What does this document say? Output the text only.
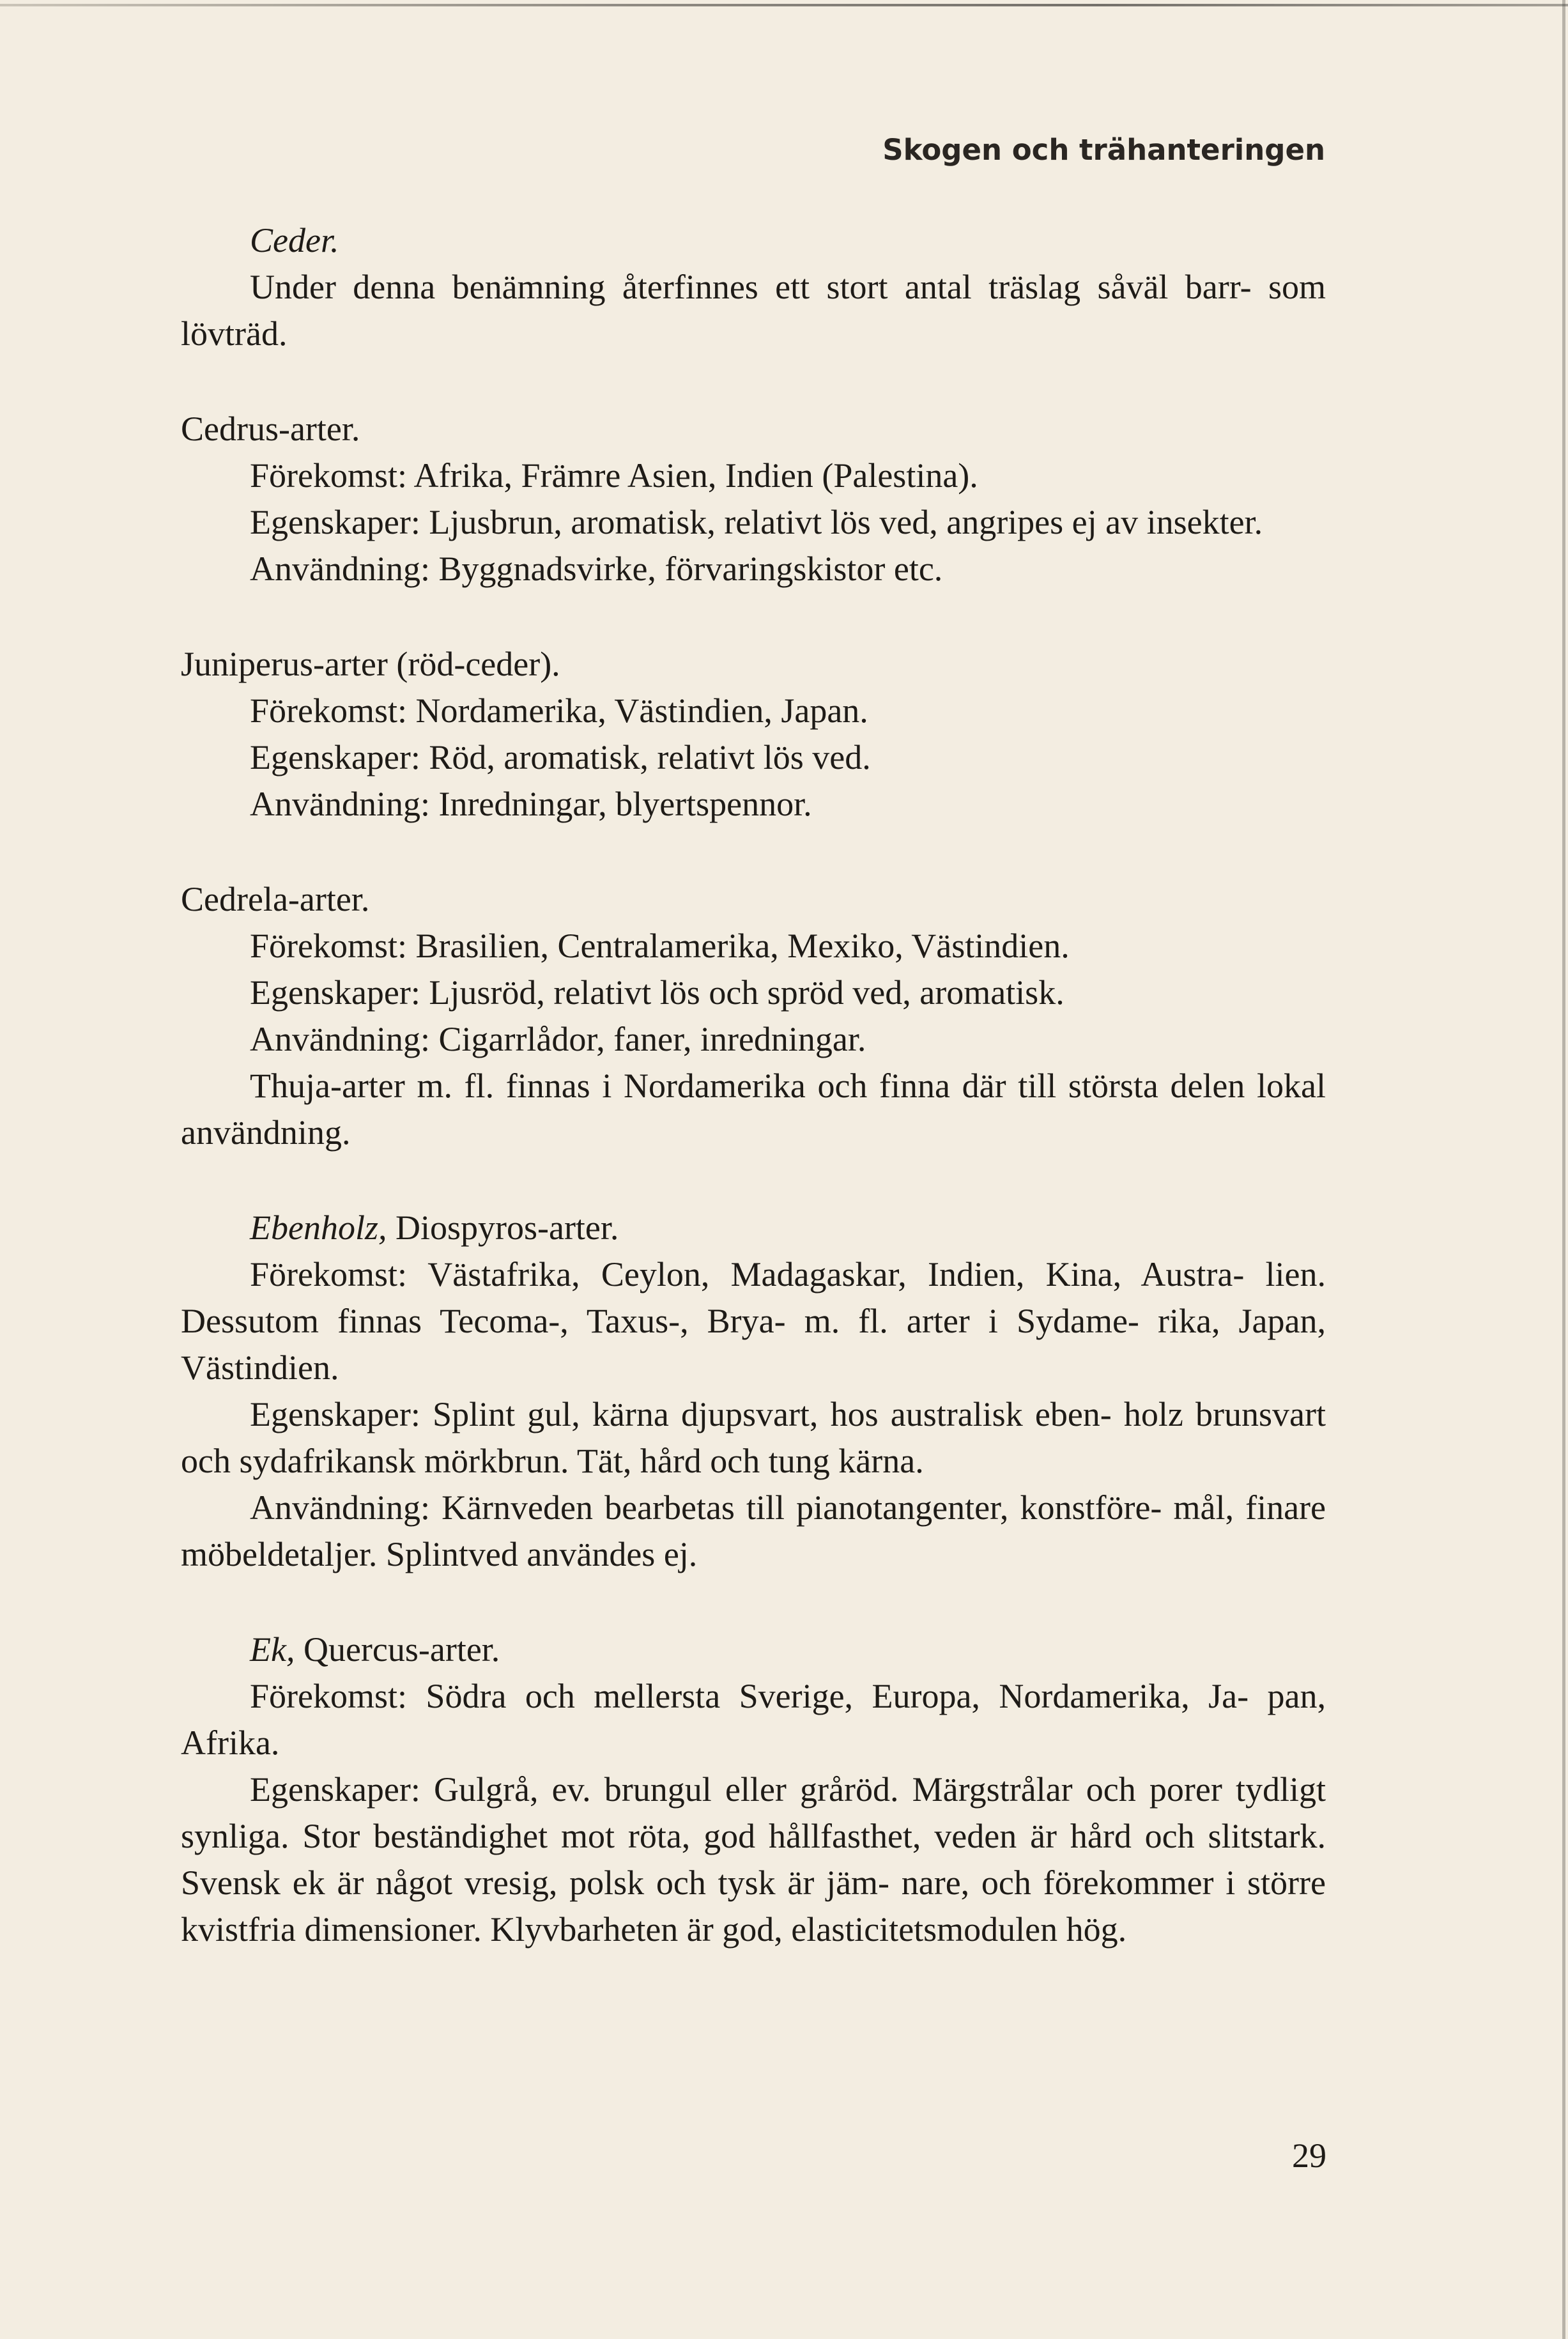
Skogen och trähanteringen

Ceder.

Under denna benämning återfinnes ett stort antal träslag såväl barr- som lövträd.

Cedrus-arter.

Förekomst: Afrika, Främre Asien, Indien (Palestina).

Egenskaper: Ljusbrun, aromatisk, relativt lös ved, angripes ej av insekter.

Användning: Byggnadsvirke, förvaringskistor etc.

Juniperus-arter (röd-ceder).

Förekomst: Nordamerika, Västindien, Japan.

Egenskaper: Röd, aromatisk, relativt lös ved.

Användning: Inredningar, blyertspennor.

Cedrela-arter.

Förekomst: Brasilien, Centralamerika, Mexiko, Västindien.

Egenskaper: Ljusröd, relativt lös och spröd ved, aromatisk.

Användning: Cigarrlådor, faner, inredningar.

Thuja-arter m. fl. finnas i Nordamerika och finna där till största delen lokal användning.

Ebenholz, Diospyros-arter.

Förekomst: Västafrika, Ceylon, Madagaskar, Indien, Kina, Austra- lien. Dessutom finnas Tecoma-, Taxus-, Brya- m. fl. arter i Sydame- rika, Japan, Västindien.

Egenskaper: Splint gul, kärna djupsvart, hos australisk eben- holz brunsvart och sydafrikansk mörkbrun. Tät, hård och tung kärna.

Användning: Kärnveden bearbetas till pianotangenter, konstföre- mål, finare möbeldetaljer. Splintved användes ej.

Ek, Quercus-arter.

Förekomst: Södra och mellersta Sverige, Europa, Nordamerika, Ja- pan, Afrika.

Egenskaper: Gulgrå, ev. brungul eller gråröd. Märgstrålar och porer tydligt synliga. Stor beständighet mot röta, god hållfasthet, veden är hård och slitstark. Svensk ek är något vresig, polsk och tysk är jäm- nare, och förekommer i större kvistfria dimensioner. Klyvbarheten är god, elasticitetsmodulen hög.

29
